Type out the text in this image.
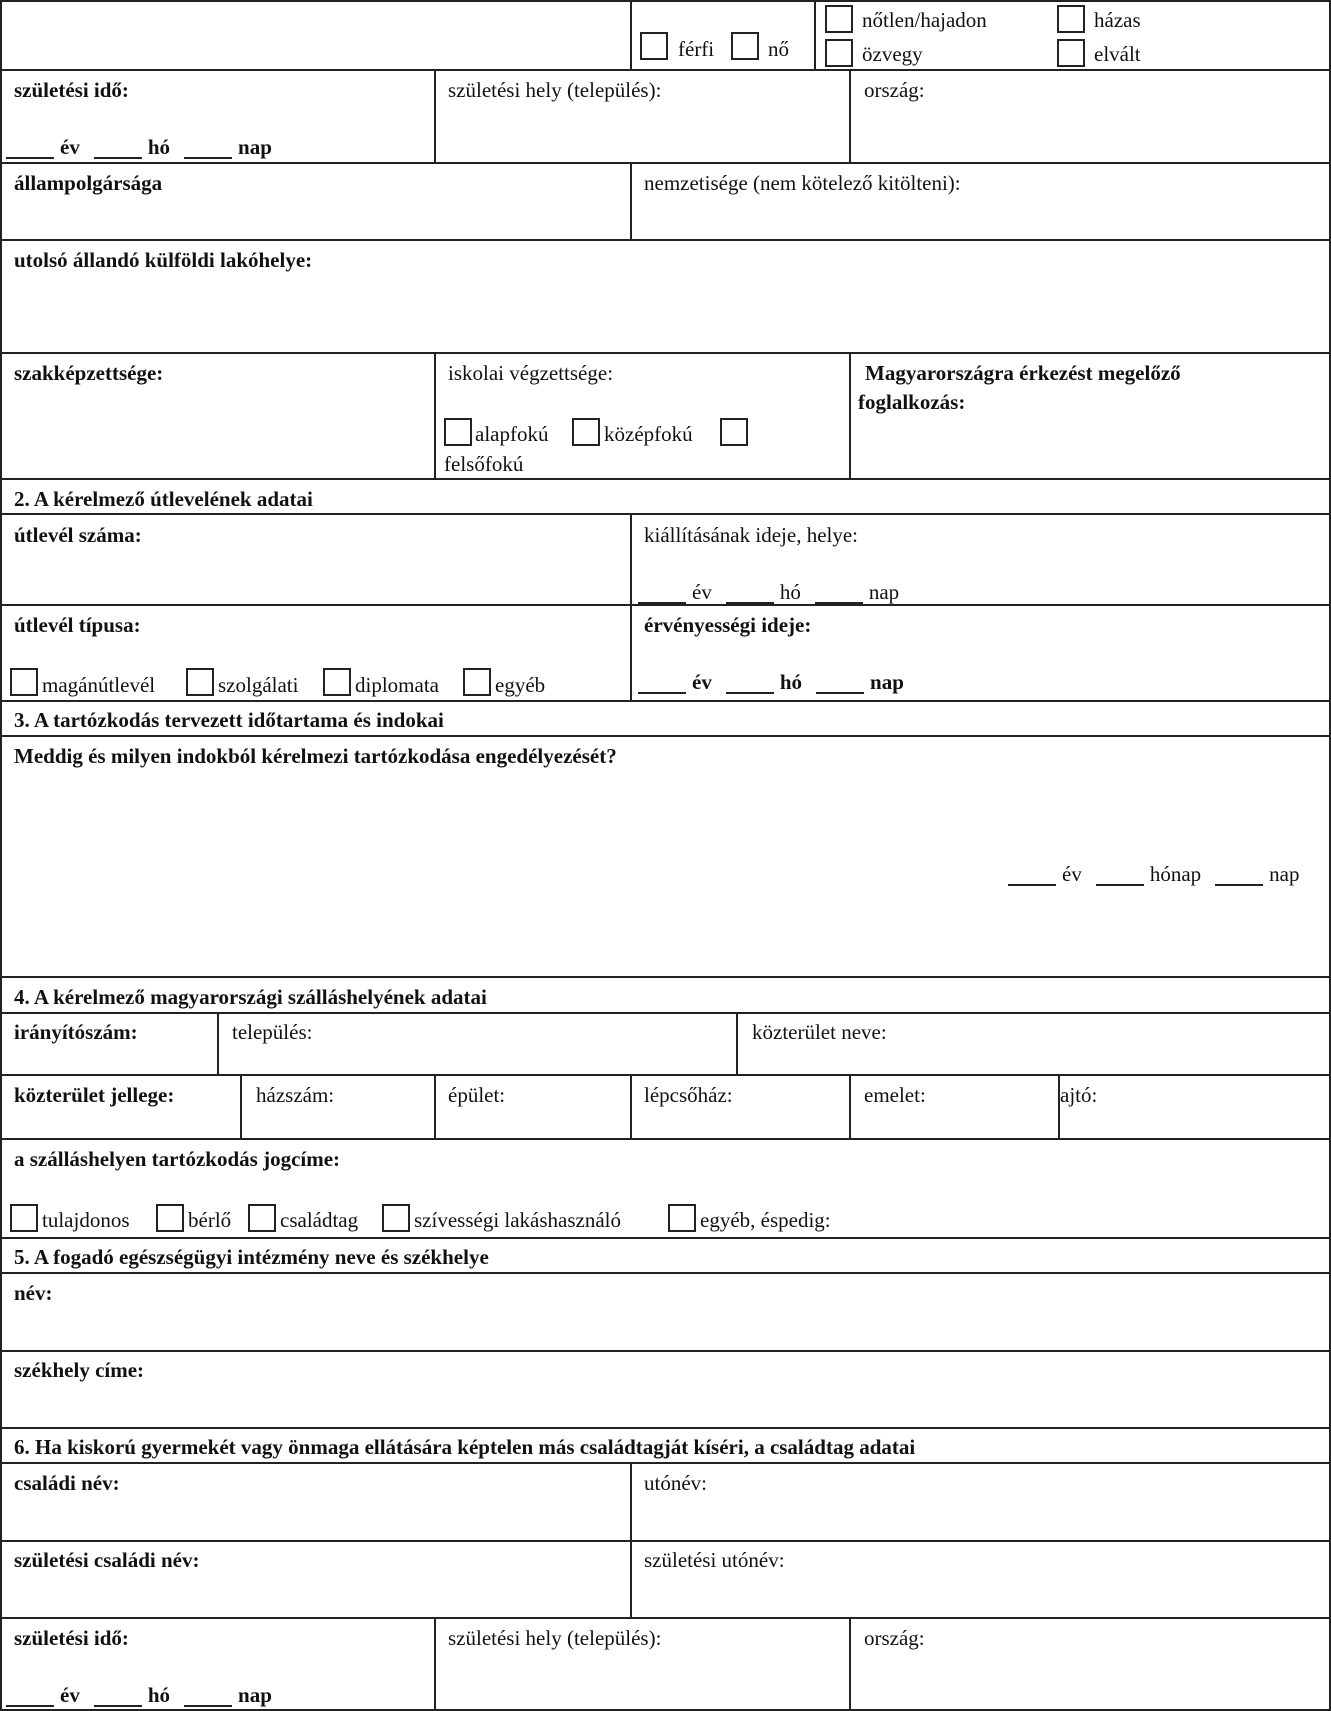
férfi	nő
nőtlen/hajadon	házas
özvegy	elvált
születési idő:
év	hó	nap
születési hely (település):	ország:
állampolgársága	nemzetisége (nem kötelező kitölteni):
utolsó állandó külföldi lakóhelye:
szakképzettsége:	iskolai végzettsége:
alapfokú	középfokú
felsőfokú
Magyarországra érkezést megelőző
foglalkozás:
2. A kérelmező útlevelének adatai
útlevél száma:	kiállításának ideje, helye:
év	hó	nap
útlevél típusa:
magánútlevél	szolgálati	diplomata	egyéb
érvényességi ideje:
év	hó	nap
3. A tartózkodás tervezett időtartama és indokai
Meddig és milyen indokból kérelmezi tartózkodása engedélyezését?
év	hónap	nap
4. A kérelmező magyarországi szálláshelyének adatai
irányítószám:	település:	közterület neve:
közterület jellege:	házszám:	épület:	lépcsőház:	emelet:	ajtó:
a szálláshelyen tartózkodás jogcíme:
tulajdonos	bérlő családtag	szívességi lakáshasználó	egyéb, éspedig:
5. A fogadó egészségügyi intézmény neve és székhelye
név:
székhely címe:
6. Ha kiskorú gyermekét vagy önmaga ellátására képtelen más családtagját kíséri, a családtag adatai
családi név:	utónév:
születési családi név:	születési utónév:
születési idő:
év	hó	nap
születési hely (település):	ország:
